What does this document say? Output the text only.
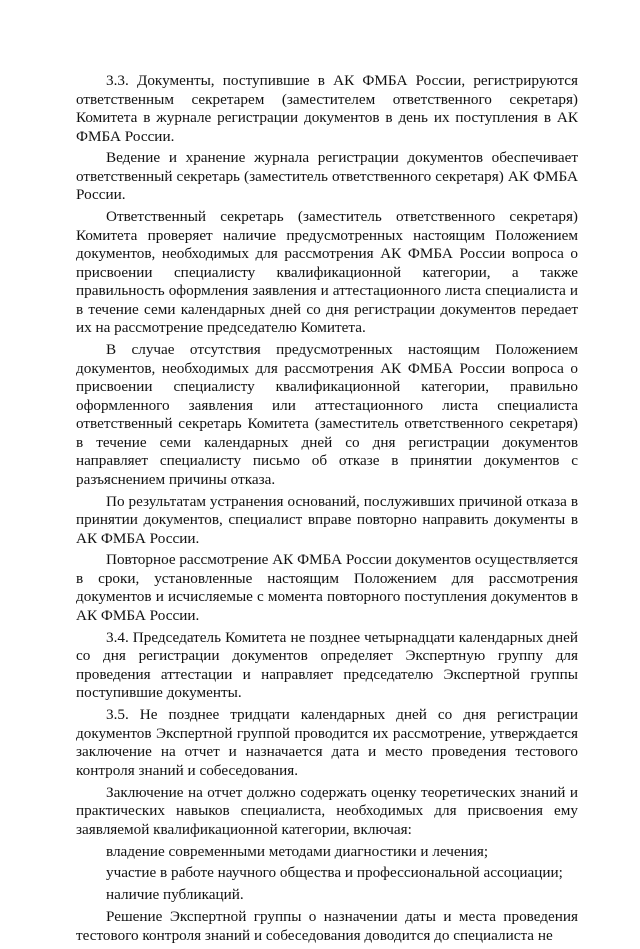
3.3. Документы, поступившие в АК ФМБА России, регистрируются ответственным секретарем (заместителем ответственного секретаря) Комитета в журнале регистрации документов в день их поступления в АК ФМБА России.

Ведение и хранение журнала регистрации документов обеспечивает ответственный секретарь (заместитель ответственного секретаря) АК ФМБА России.

Ответственный секретарь (заместитель ответственного секретаря) Комитета проверяет наличие предусмотренных настоящим Положением документов, необходимых для рассмотрения АК ФМБА России вопроса о присвоении специалисту квалификационной категории, а также правильность оформления заявления и аттестационного листа специалиста и в течение семи календарных дней со дня регистрации документов передает их на рассмотрение председателю Комитета.

В случае отсутствия предусмотренных настоящим Положением документов, необходимых для рассмотрения АК ФМБА России вопроса о присвоении специалисту квалификационной категории, правильно оформленного заявления или аттестационного листа специалиста ответственный секретарь Комитета (заместитель ответственного секретаря) в течение семи календарных дней со дня регистрации документов направляет специалисту письмо об отказе в принятии документов с разъяснением причины отказа.

По результатам устранения оснований, послуживших причиной отказа в принятии документов, специалист вправе повторно направить документы в АК ФМБА России.

Повторное рассмотрение АК ФМБА России документов осуществляется в сроки, установленные настоящим Положением для рассмотрения документов и исчисляемые с момента повторного поступления документов в АК ФМБА России.

3.4. Председатель Комитета не позднее четырнадцати календарных дней со дня регистрации документов определяет Экспертную группу для проведения аттестации и направляет председателю Экспертной группы поступившие документы.

3.5. Не позднее тридцати календарных дней со дня регистрации документов Экспертной группой проводится их рассмотрение, утверждается заключение на отчет и назначается дата и место проведения тестового контроля знаний и собеседования.

Заключение на отчет должно содержать оценку теоретических знаний и практических навыков специалиста, необходимых для присвоения ему заявляемой квалификационной категории, включая:

владение современными методами диагностики и лечения;

участие в работе научного общества и профессиональной ассоциации;

наличие публикаций.

Решение Экспертной группы о назначении даты и места проведения тестового контроля знаний и собеседования доводится до специалиста не
